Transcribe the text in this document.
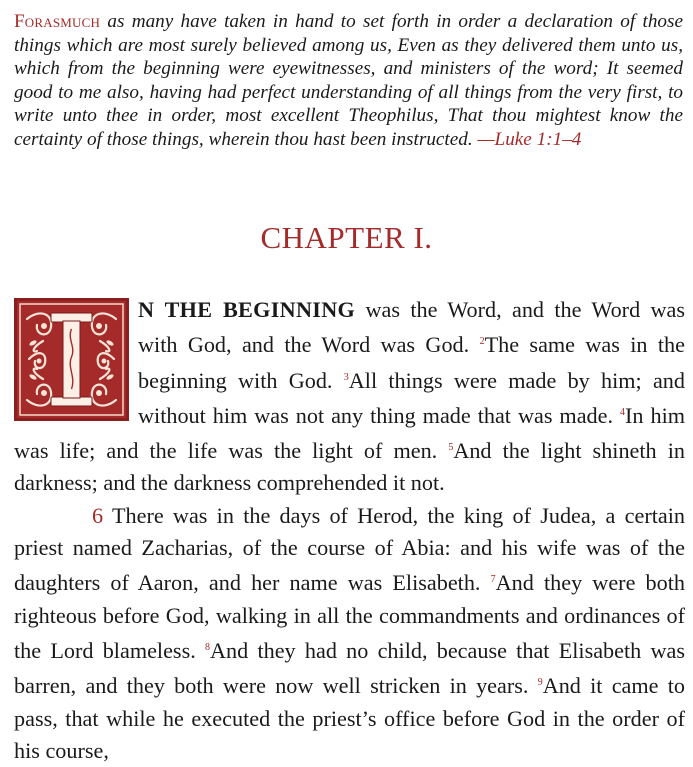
Forasmuch as many have taken in hand to set forth in order a declaration of those things which are most surely believed among us, Even as they delivered them unto us, which from the beginning were eyewitnesses, and ministers of the word; It seemed good to me also, having had perfect understanding of all things from the very first, to write unto thee in order, most excellent Theophilus, That thou mightest know the certainty of those things, wherein thou hast been instructed. —Luke 1:1–4
CHAPTER I.
N THE BEGINNING was the Word, and the Word was with God, and the Word was God. $^2$The same was in the beginning with God. $^3$All things were made by him; and without him was not any thing made that was made. $^4$In him was life; and the life was the light of men. $^5$And the light shineth in darkness; and the darkness comprehended it not.
6 There was in the days of Herod, the king of Judea, a certain priest named Zacharias, of the course of Abia: and his wife was of the daughters of Aaron, and her name was Elisabeth. $^7$And they were both righteous before God, walking in all the commandments and ordinances of the Lord blameless. $^8$And they had no child, because that Elisabeth was barren, and they both were now well stricken in years. $^9$And it came to pass, that while he executed the priest’s office before God in the order of his course,
